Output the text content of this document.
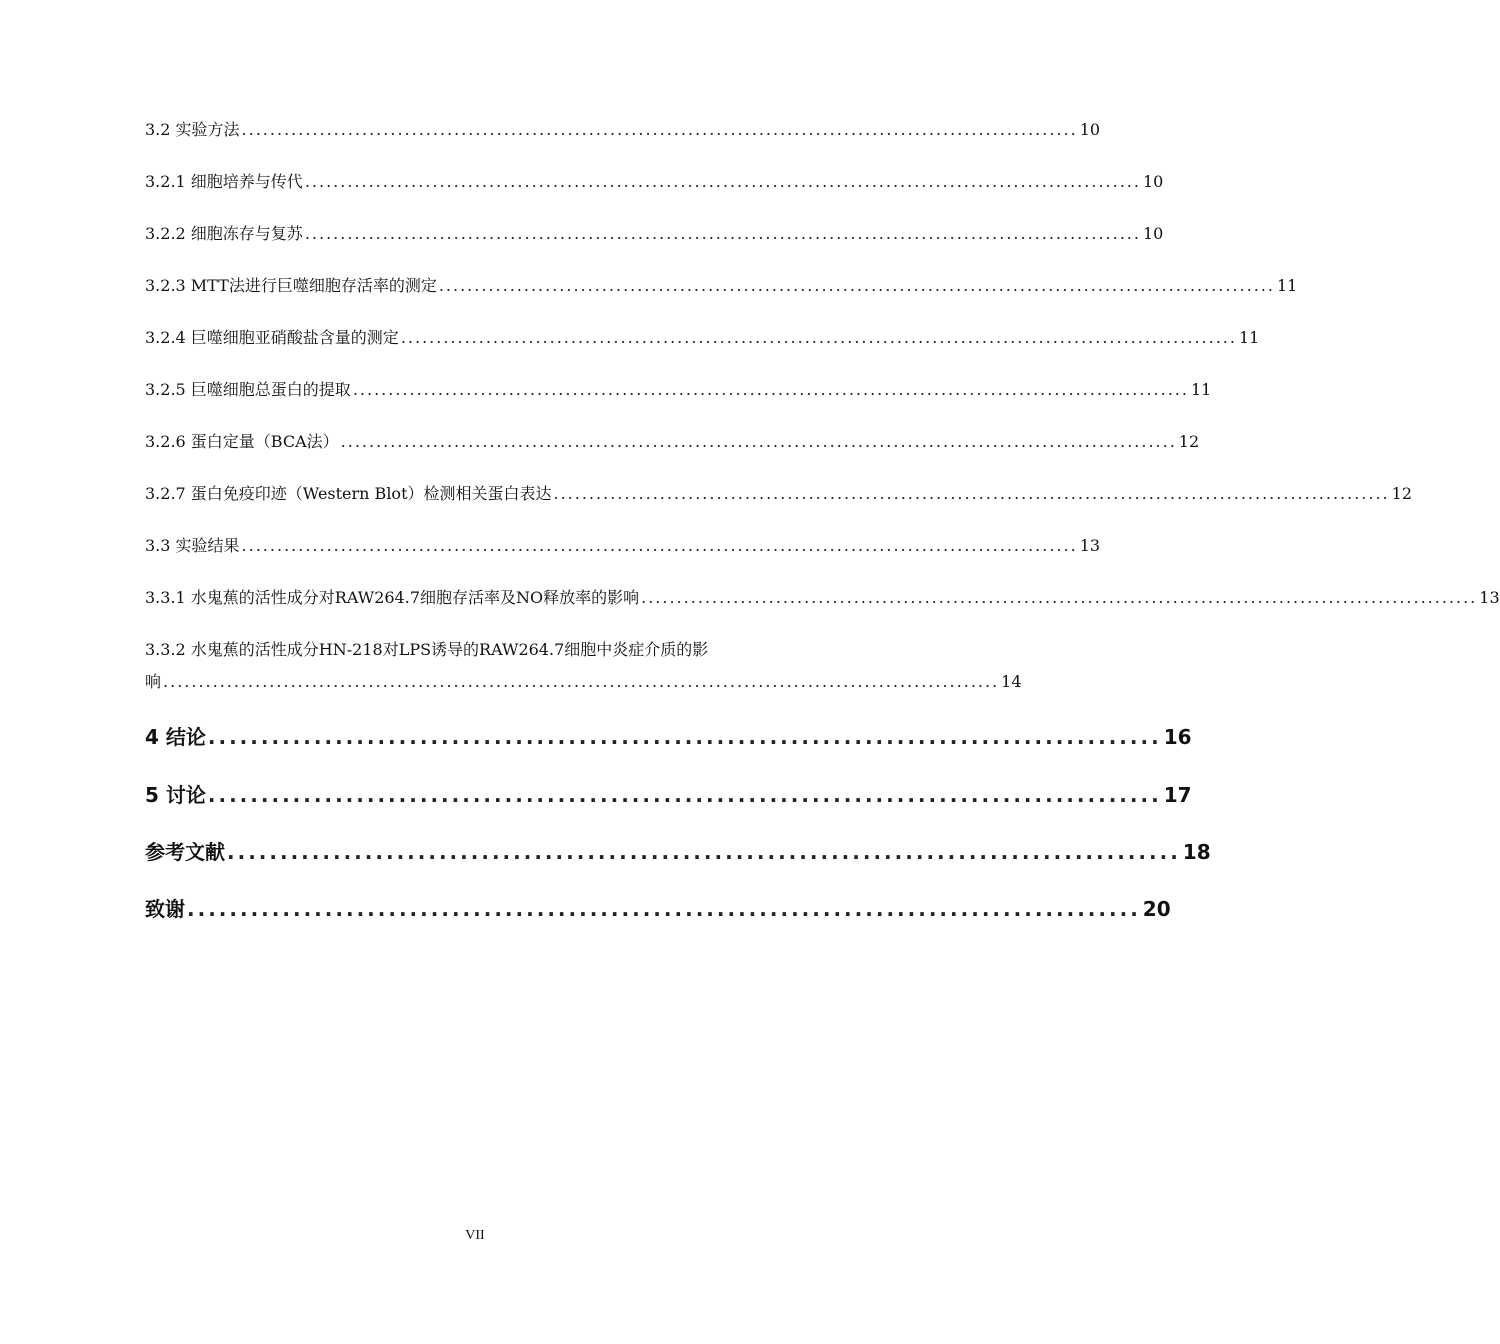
3.2 实验方法 ...................................................................................................................... 10
3.2.1 细胞培养与传代 ...................................................................................................................... 10
3.2.2 细胞冻存与复苏 ...................................................................................................................... 10
3.2.3 MTT法进行巨噬细胞存活率的测定 ...................................................................................................................... 11
3.2.4 巨噬细胞亚硝酸盐含量的测定 ...................................................................................................................... 11
3.2.5 巨噬细胞总蛋白的提取 ...................................................................................................................... 11
3.2.6 蛋白定量（BCA法） ...................................................................................................................... 12
3.2.7 蛋白免疫印迹（Western Blot）检测相关蛋白表达 ...................................................................................................................... 12
3.3 实验结果 ...................................................................................................................... 13
3.3.1 水鬼蕉的活性成分对RAW264.7细胞存活率及NO释放率的影响 ...................................................................................................................... 13
3.3.2 水鬼蕉的活性成分HN-218对LPS诱导的RAW264.7细胞中炎症介质的影
响 ...................................................................................................................... 14
4 结论 .......................................................................................... 16
5 讨论 .......................................................................................... 17
参考文献 .......................................................................................... 18
致谢 .......................................................................................... 20
VII
